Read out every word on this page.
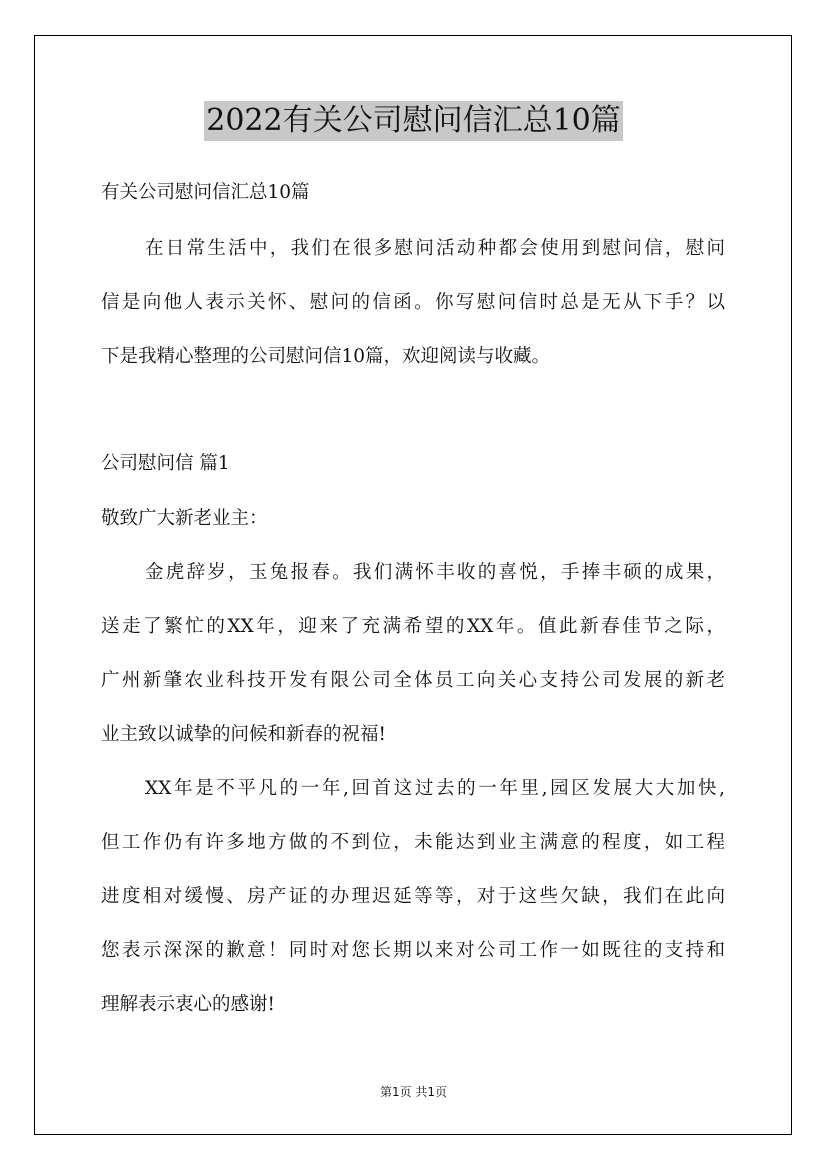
2022有关公司慰问信汇总10篇
有关公司慰问信汇总10篇
在日常生活中，我们在很多慰问活动种都会使用到慰问信，慰问
信是向他人表示关怀、慰问的信函。你写慰问信时总是无从下手？以
下是我精心整理的公司慰问信10篇，欢迎阅读与收藏。
公司慰问信 篇1
敬致广大新老业主：
金虎辞岁，玉兔报春。我们满怀丰收的喜悦，手捧丰硕的成果，
送走了繁忙的XX年，迎来了充满希望的XX年。值此新春佳节之际，
广州新肇农业科技开发有限公司全体员工向关心支持公司发展的新老
业主致以诚挚的问候和新春的祝福!
XX年是不平凡的一年,回首这过去的一年里,园区发展大大加快,
但工作仍有许多地方做的不到位，未能达到业主满意的程度，如工程
进度相对缓慢、房产证的办理迟延等等，对于这些欠缺，我们在此向
您表示深深的歉意！同时对您长期以来对公司工作一如既往的支持和
理解表示衷心的感谢!
第1页 共1页
